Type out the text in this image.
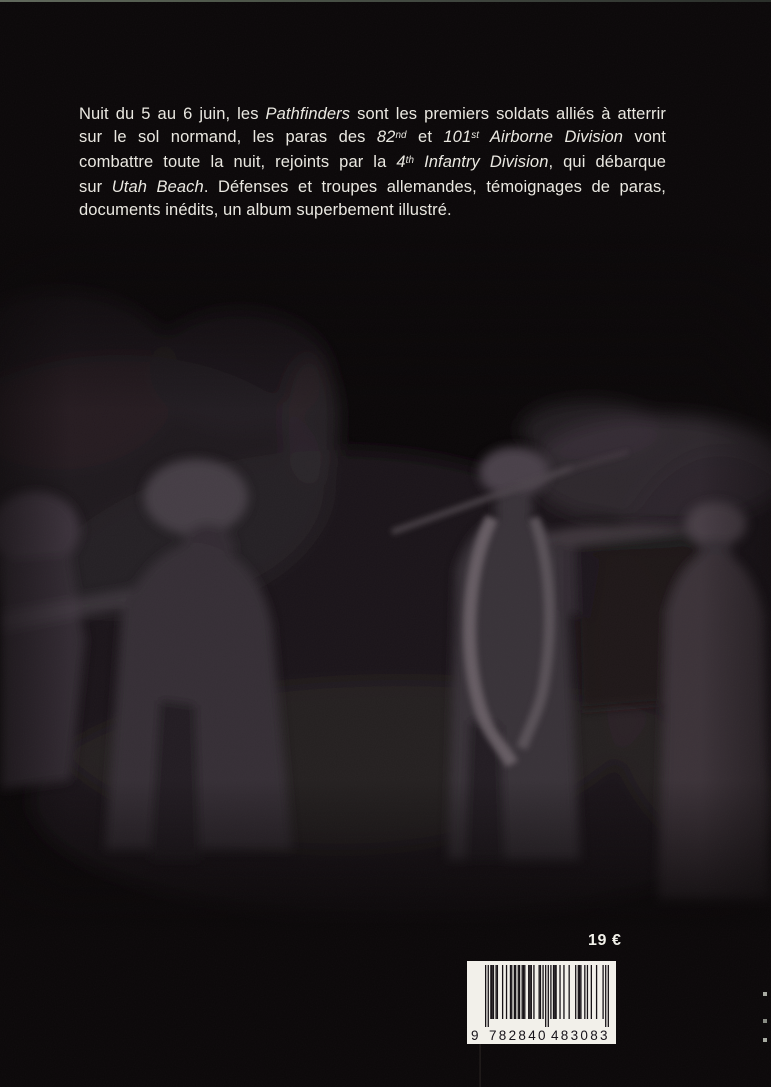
Nuit du 5 au 6 juin, les Pathfinders sont les premiers soldats alliés à atterrir
sur le sol normand, les paras des 82nd et 101st Airborne Division vont
combattre toute la nuit, rejoints par la 4th Infantry Division, qui débarque
sur Utah Beach. Défenses et troupes allemandes, témoignages de paras,
documents inédits, un album superbement illustré.
19 €
9 782840 483083
